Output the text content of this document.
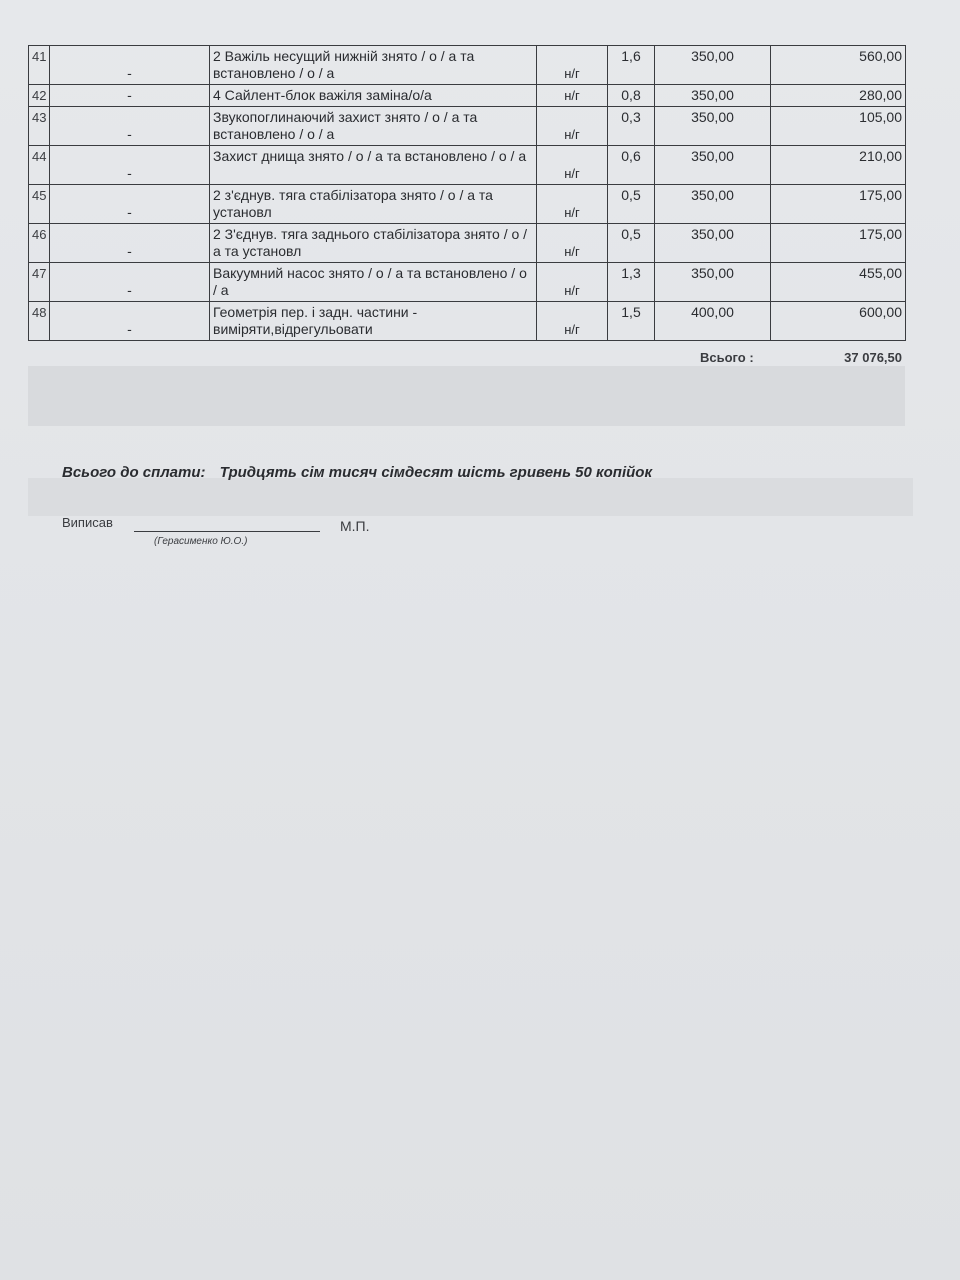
41	-	2 Важіль несущий нижній знято / о / а та встановлено / о / а	н/г	1,6	350,00	560,00
42	-	4 Сайлент-блок важіля заміна/о/а	н/г	0,8	350,00	280,00
43	-	Звукопоглинаючий захист знято / о / а та встановлено / о / а	н/г	0,3	350,00	105,00
44	-	Захист днища знято / о / а та встановлено / о / а	н/г	0,6	350,00	210,00
45	-	2 з'єднув. тяга стабілізатора знято / о / а та установл	н/г	0,5	350,00	175,00
46	-	2 З'єднув. тяга заднього стабілізатора знято / о / а та установл	н/г	0,5	350,00	175,00
47	-	Вакуумний насос знято / о / а та встановлено / о / а	н/г	1,3	350,00	455,00
48	-	Геометрія пер. і задн. частини - виміряти,відрегульовати	н/г	1,5	400,00	600,00
Всього :	37 076,50
Всього до сплати: Тридцять сім тисяч сімдесят шість гривень 50 копійок
Виписав	М.П.
(Герасименко Ю.О.)
